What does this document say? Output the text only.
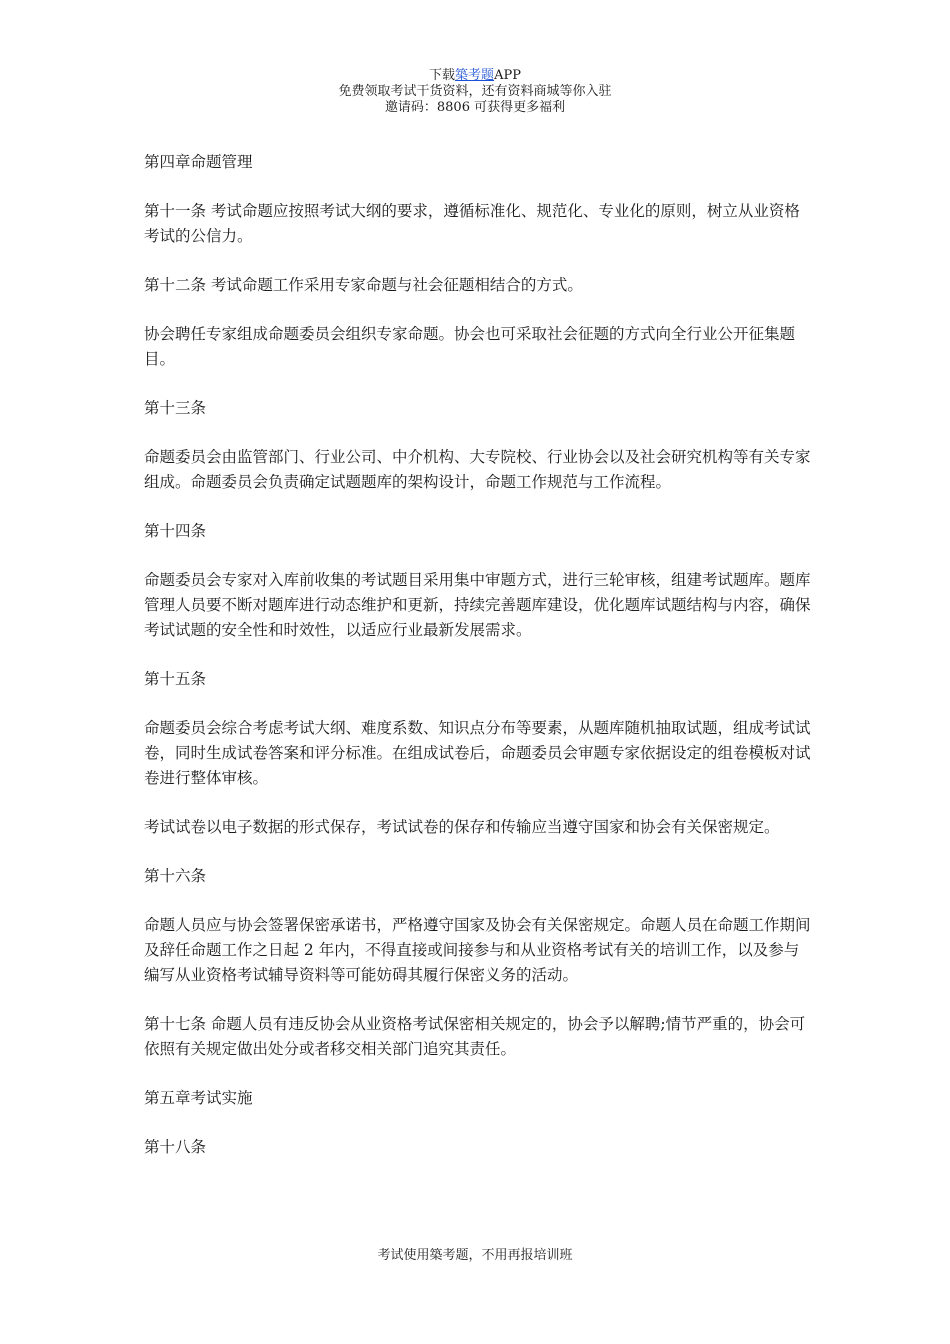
下载築考题APP
免费领取考试干货资料，还有资料商城等你入驻
邀请码：8806 可获得更多福利

第四章命题管理

第十一条 考试命题应按照考试大纲的要求，遵循标准化、规范化、专业化的原则，树立从业资格考试的公信力。

第十二条 考试命题工作采用专家命题与社会征题相结合的方式。

协会聘任专家组成命题委员会组织专家命题。协会也可采取社会征题的方式向全行业公开征集题目。

第十三条

命题委员会由监管部门、行业公司、中介机构、大专院校、行业协会以及社会研究机构等有关专家组成。命题委员会负责确定试题题库的架构设计，命题工作规范与工作流程。

第十四条

命题委员会专家对入库前收集的考试题目采用集中审题方式，进行三轮审核，组建考试题库。题库管理人员要不断对题库进行动态维护和更新，持续完善题库建设，优化题库试题结构与内容，确保考试试题的安全性和时效性，以适应行业最新发展需求。

第十五条

命题委员会综合考虑考试大纲、难度系数、知识点分布等要素，从题库随机抽取试题，组成考试试卷，同时生成试卷答案和评分标准。在组成试卷后，命题委员会审题专家依据设定的组卷模板对试卷进行整体审核。

考试试卷以电子数据的形式保存，考试试卷的保存和传输应当遵守国家和协会有关保密规定。

第十六条

命题人员应与协会签署保密承诺书，严格遵守国家及协会有关保密规定。命题人员在命题工作期间及辞任命题工作之日起 2 年内，不得直接或间接参与和从业资格考试有关的培训工作，以及参与编写从业资格考试辅导资料等可能妨碍其履行保密义务的活动。

第十七条 命题人员有违反协会从业资格考试保密相关规定的，协会予以解聘;情节严重的，协会可依照有关规定做出处分或者移交相关部门追究其责任。

第五章考试实施

第十八条

考试使用築考题，不用再报培训班
